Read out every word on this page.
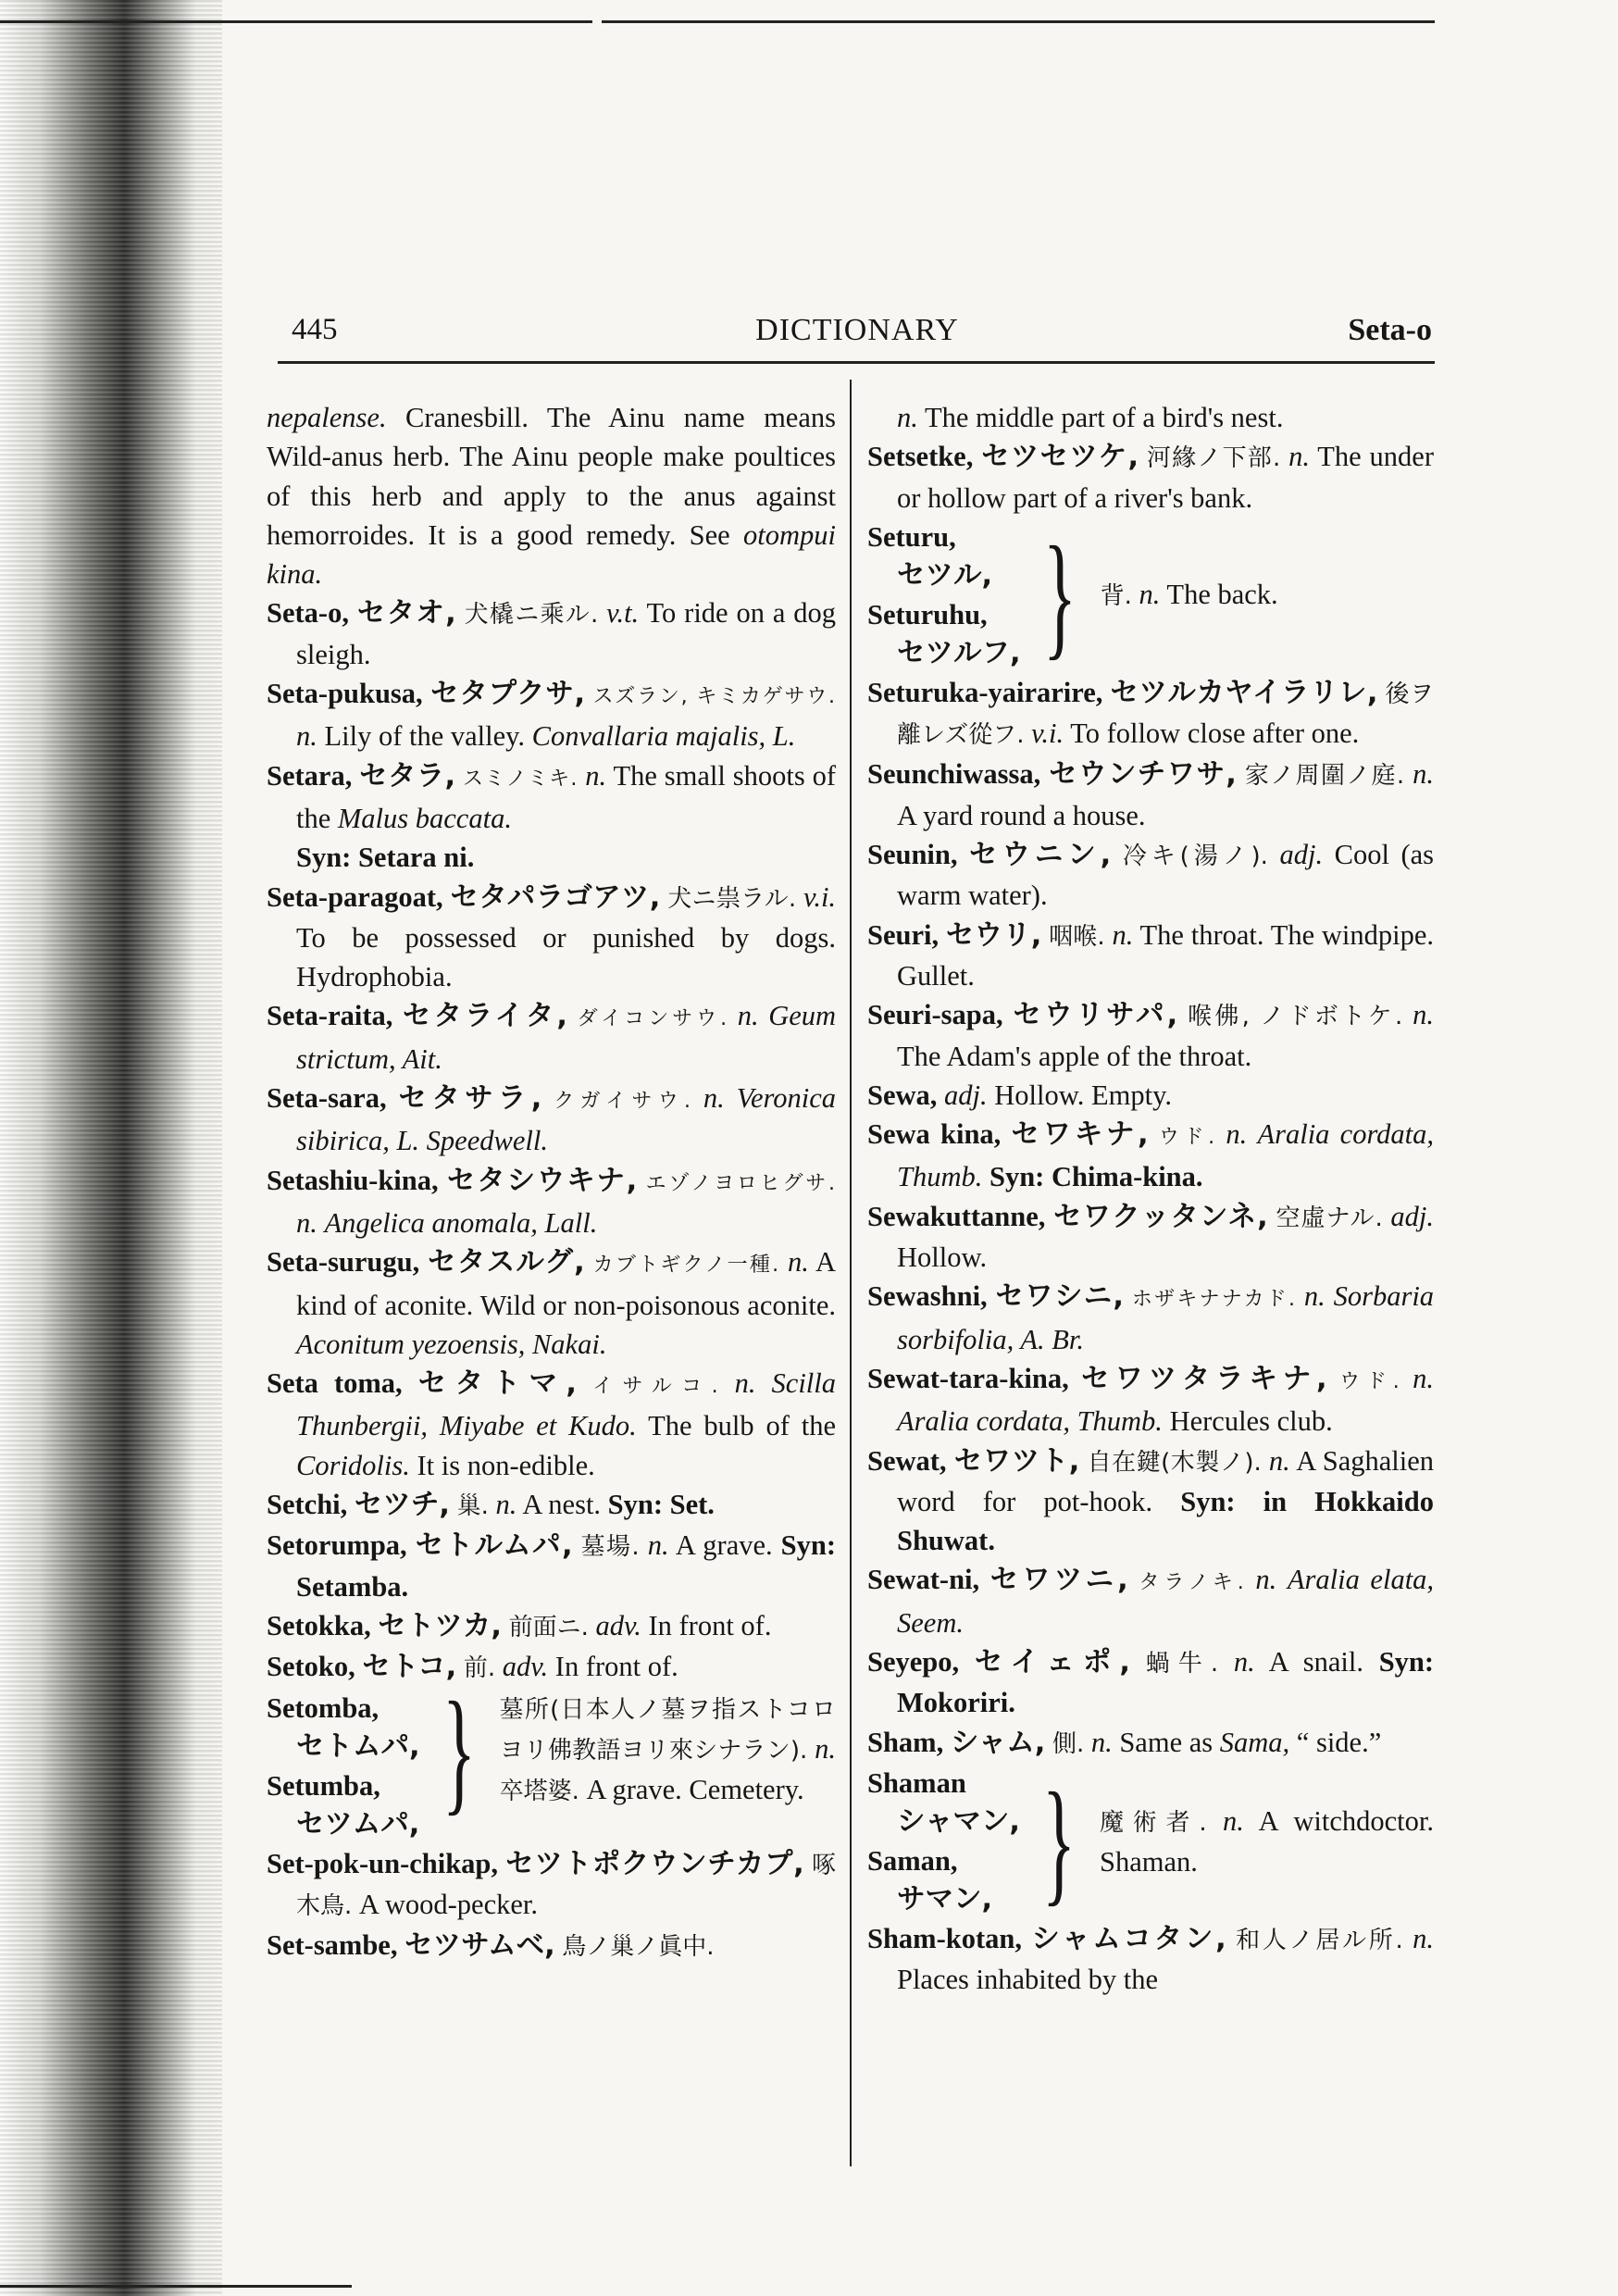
445	DICTIONARY	Seta-o
nepalense. Cranesbill. The Ainu name means Wild-anus herb. The Ainu people make poultices of this herb and apply to the anus against hemorroides. It is a good remedy. See otompui kina.
Seta-o, セタオ, 犬橇ニ乘ル. v.t. To ride on a dog sleigh.
Seta-pukusa, セタプクサ, スズラン, キミカゲサウ. n. Lily of the valley. Convallaria majalis, L.
Setara, セタラ, スミノミキ. n. The small shoots of the Malus baccata.
Syn: Setara ni.
Seta-paragoat, セタパラゴアツ, 犬ニ祟ラル. v.i. To be possessed or punished by dogs. Hydrophobia.
Seta-raita, セタライタ, ダイコンサウ. n. Geum strictum, Ait.
Seta-sara, セタサラ, クガイサウ. n. Veronica sibirica, L. Speedwell.
Setashiu-kina, セタシウキナ, エゾノヨロヒグサ. n. Angelica anomala, Lall.
Seta-surugu, セタスルグ, カブトギクノ一種. n. A kind of aconite. Wild or non-poisonous aconite. Aconitum yezoensis, Nakai.
Seta toma, セタトマ, イサルコ. n. Scilla Thunbergii, Miyabe et Kudo. The bulb of the Coridolis. It is non-edible.
Setchi, セツチ, 巢. n. A nest. Syn: Set.
Setorumpa, セトルムパ, 墓場. n. A grave. Syn: Setamba.
Setokka, セトツカ, 前面ニ. adv. In front of.
Setoko, セトコ, 前. adv. In front of.
Setomba,
セトムパ,
Setumba,
セツムパ, } 墓所(日本人ノ墓ヲ指ストコロヨリ佛教語ヨリ來シナラン). n. 卒塔婆. A grave. Cemetery.
Set-pok-un-chikap, セツトポクウンチカプ, 啄木鳥. A wood-pecker.
Set-sambe, セツサムベ, 鳥ノ巢ノ眞中.
n. The middle part of a bird's nest.
Setsetke, セツセツケ, 河緣ノ下部. n. The under or hollow part of a river's bank.
Seturu,
セツル,
Seturuhu,
セツルフ, } 背. n. The back.
Seturuka-yairarire, セツルカヤイラリレ, 後ヲ離レズ從フ. v.i. To follow close after one.
Seunchiwassa, セウンチワサ, 家ノ周圍ノ庭. n. A yard round a house.
Seunin, セウニン, 冷キ(湯ノ). adj. Cool (as warm water).
Seuri, セウリ, 咽喉. n. The throat. The windpipe. Gullet.
Seuri-sapa, セウリサパ, 喉佛, ノドボトケ. n. The Adam's apple of the throat.
Sewa, adj. Hollow. Empty.
Sewa kina, セワキナ, ウド. n. Aralia cordata, Thumb. Syn: Chima-kina.
Sewakuttanne, セワクッタンネ, 空虛ナル. adj. Hollow.
Sewashni, セワシニ, ホザキナナカド. n. Sorbaria sorbifolia, A. Br.
Sewat-tara-kina, セワツタラキナ, ウド. n. Aralia cordata, Thumb. Hercules club.
Sewat, セワツト, 自在鍵(木製ノ). n. A Saghalien word for pot-hook. Syn: in Hokkaido Shuwat.
Sewat-ni, セワツニ, タラノキ. n. Aralia elata, Seem.
Seyepo, セイェポ, 蝸牛. n. A snail. Syn: Mokoriri.
Sham, シャム, 側. n. Same as Sama, “ side.”
Shaman
シャマン,
Saman,
サマン, } 魔術者. n. A witchdoctor. Shaman.
Sham-kotan, シャムコタン, 和人ノ居ル所. n. Places inhabited by the
